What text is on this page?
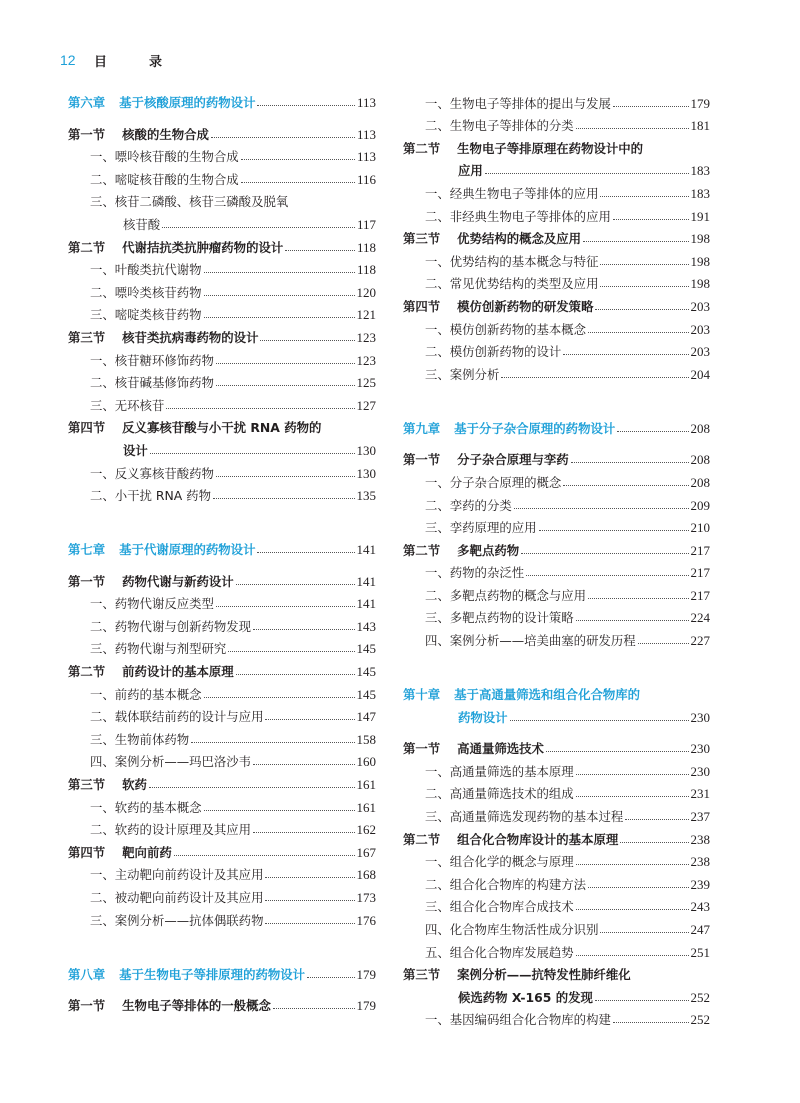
12	目	录
第六章 基于核酸原理的药物设计	113
第一节 核酸的生物合成	113
一、嘌呤核苷酸的生物合成	113
二、嘧啶核苷酸的生物合成	116
三、核苷二磷酸、核苷三磷酸及脱氧
核苷酸	117
第二节 代谢拮抗类抗肿瘤药物的设计	118
一、叶酸类抗代谢物	118
二、嘌呤类核苷药物	120
三、嘧啶类核苷药物	121
第三节 核苷类抗病毒药物的设计	123
一、核苷糖环修饰药物	123
二、核苷碱基修饰药物	125
三、无环核苷	127
第四节 反义寡核苷酸与小干扰 RNA 药物的
设计	130
一、反义寡核苷酸药物	130
二、小干扰 RNA 药物	135
第七章 基于代谢原理的药物设计	141
第一节 药物代谢与新药设计	141
一、药物代谢反应类型	141
二、药物代谢与创新药物发现	143
三、药物代谢与剂型研究	145
第二节 前药设计的基本原理	145
一、前药的基本概念	145
二、载体联结前药的设计与应用	147
三、生物前体药物	158
四、案例分析——玛巴洛沙韦	160
第三节 软药	161
一、软药的基本概念	161
二、软药的设计原理及其应用	162
第四节 靶向前药	167
一、主动靶向前药设计及其应用	168
二、被动靶向前药设计及其应用	173
三、案例分析——抗体偶联药物	176
第八章 基于生物电子等排原理的药物设计	179
第一节 生物电子等排体的一般概念	179
一、生物电子等排体的提出与发展	179
二、生物电子等排体的分类	181
第二节 生物电子等排原理在药物设计中的
应用	183
一、经典生物电子等排体的应用	183
二、非经典生物电子等排体的应用	191
第三节 优势结构的概念及应用	198
一、优势结构的基本概念与特征	198
二、常见优势结构的类型及应用	198
第四节 模仿创新药物的研发策略	203
一、模仿创新药物的基本概念	203
二、模仿创新药物的设计	203
三、案例分析	204
第九章 基于分子杂合原理的药物设计	208
第一节 分子杂合原理与孪药	208
一、分子杂合原理的概念	208
二、孪药的分类	209
三、孪药原理的应用	210
第二节 多靶点药物	217
一、药物的杂泛性	217
二、多靶点药物的概念与应用	217
三、多靶点药物的设计策略	224
四、案例分析——培美曲塞的研发历程	227
第十章 基于高通量筛选和组合化合物库的
药物设计	230
第一节 高通量筛选技术	230
一、高通量筛选的基本原理	230
二、高通量筛选技术的组成	231
三、高通量筛选发现药物的基本过程	237
第二节 组合化合物库设计的基本原理	238
一、组合化学的概念与原理	238
二、组合化合物库的构建方法	239
三、组合化合物库合成技术	243
四、化合物库生物活性成分识别	247
五、组合化合物库发展趋势	251
第三节 案例分析——抗特发性肺纤维化
候选药物 X-165 的发现	252
一、基因编码组合化合物库的构建	252
